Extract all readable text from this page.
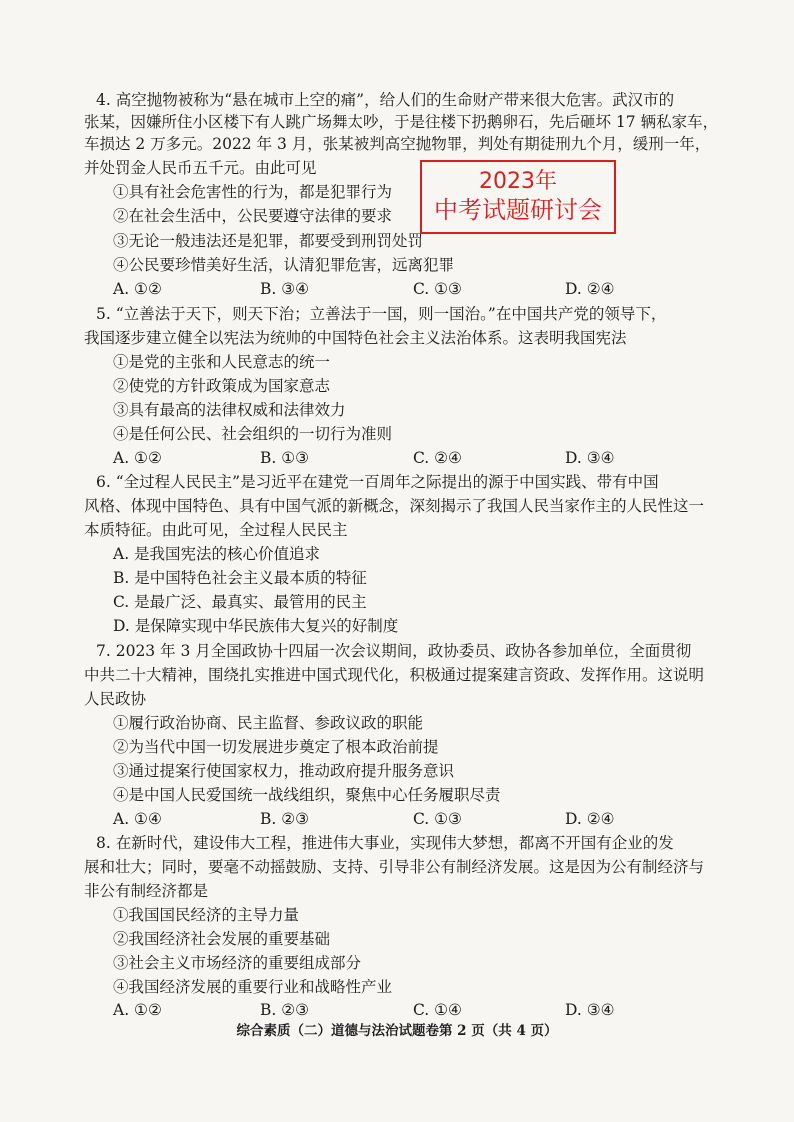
4. 高空抛物被称为“悬在城市上空的痛”，给人们的生命财产带来很大危害。武汉市的
张某，因嫌所住小区楼下有人跳广场舞太吵，于是往楼下扔鹅卵石，先后砸坏 17 辆私家车，
车损达 2 万多元。2022 年 3 月，张某被判高空抛物罪，判处有期徒刑九个月，缓刑一年，
并处罚金人民币五千元。由此可见
①具有社会危害性的行为，都是犯罪行为
②在社会生活中，公民要遵守法律的要求
③无论一般违法还是犯罪，都要受到刑罚处罚
④公民要珍惜美好生活，认清犯罪危害，远离犯罪
A. ①②	B. ③④	C. ①③	D. ②④
2023年
中考试题研讨会
5. “立善法于天下，则天下治；立善法于一国，则一国治。”在中国共产党的领导下，
我国逐步建立健全以宪法为统帅的中国特色社会主义法治体系。这表明我国宪法
①是党的主张和人民意志的统一
②使党的方针政策成为国家意志
③具有最高的法律权威和法律效力
④是任何公民、社会组织的一切行为准则
A. ①②	B. ①③	C. ②④	D. ③④
6. “全过程人民民主”是习近平在建党一百周年之际提出的源于中国实践、带有中国
风格、体现中国特色、具有中国气派的新概念，深刻揭示了我国人民当家作主的人民性这一
本质特征。由此可见，全过程人民民主
A. 是我国宪法的核心价值追求
B. 是中国特色社会主义最本质的特征
C. 是最广泛、最真实、最管用的民主
D. 是保障实现中华民族伟大复兴的好制度
7. 2023 年 3 月全国政协十四届一次会议期间，政协委员、政协各参加单位，全面贯彻
中共二十大精神，围绕扎实推进中国式现代化，积极通过提案建言资政、发挥作用。这说明
人民政协
①履行政治协商、民主监督、参政议政的职能
②为当代中国一切发展进步奠定了根本政治前提
③通过提案行使国家权力，推动政府提升服务意识
④是中国人民爱国统一战线组织，聚焦中心任务履职尽责
A. ①④	B. ②③	C. ①③	D. ②④
8. 在新时代，建设伟大工程，推进伟大事业，实现伟大梦想，都离不开国有企业的发
展和壮大；同时，要毫不动摇鼓励、支持、引导非公有制经济发展。这是因为公有制经济与
非公有制经济都是
①我国国民经济的主导力量
②我国经济社会发展的重要基础
③社会主义市场经济的重要组成部分
④我国经济发展的重要行业和战略性产业
A. ①②	B. ②③	C. ①④	D. ③④
综合素质（二）道德与法治试题卷第 2 页（共 4 页）
